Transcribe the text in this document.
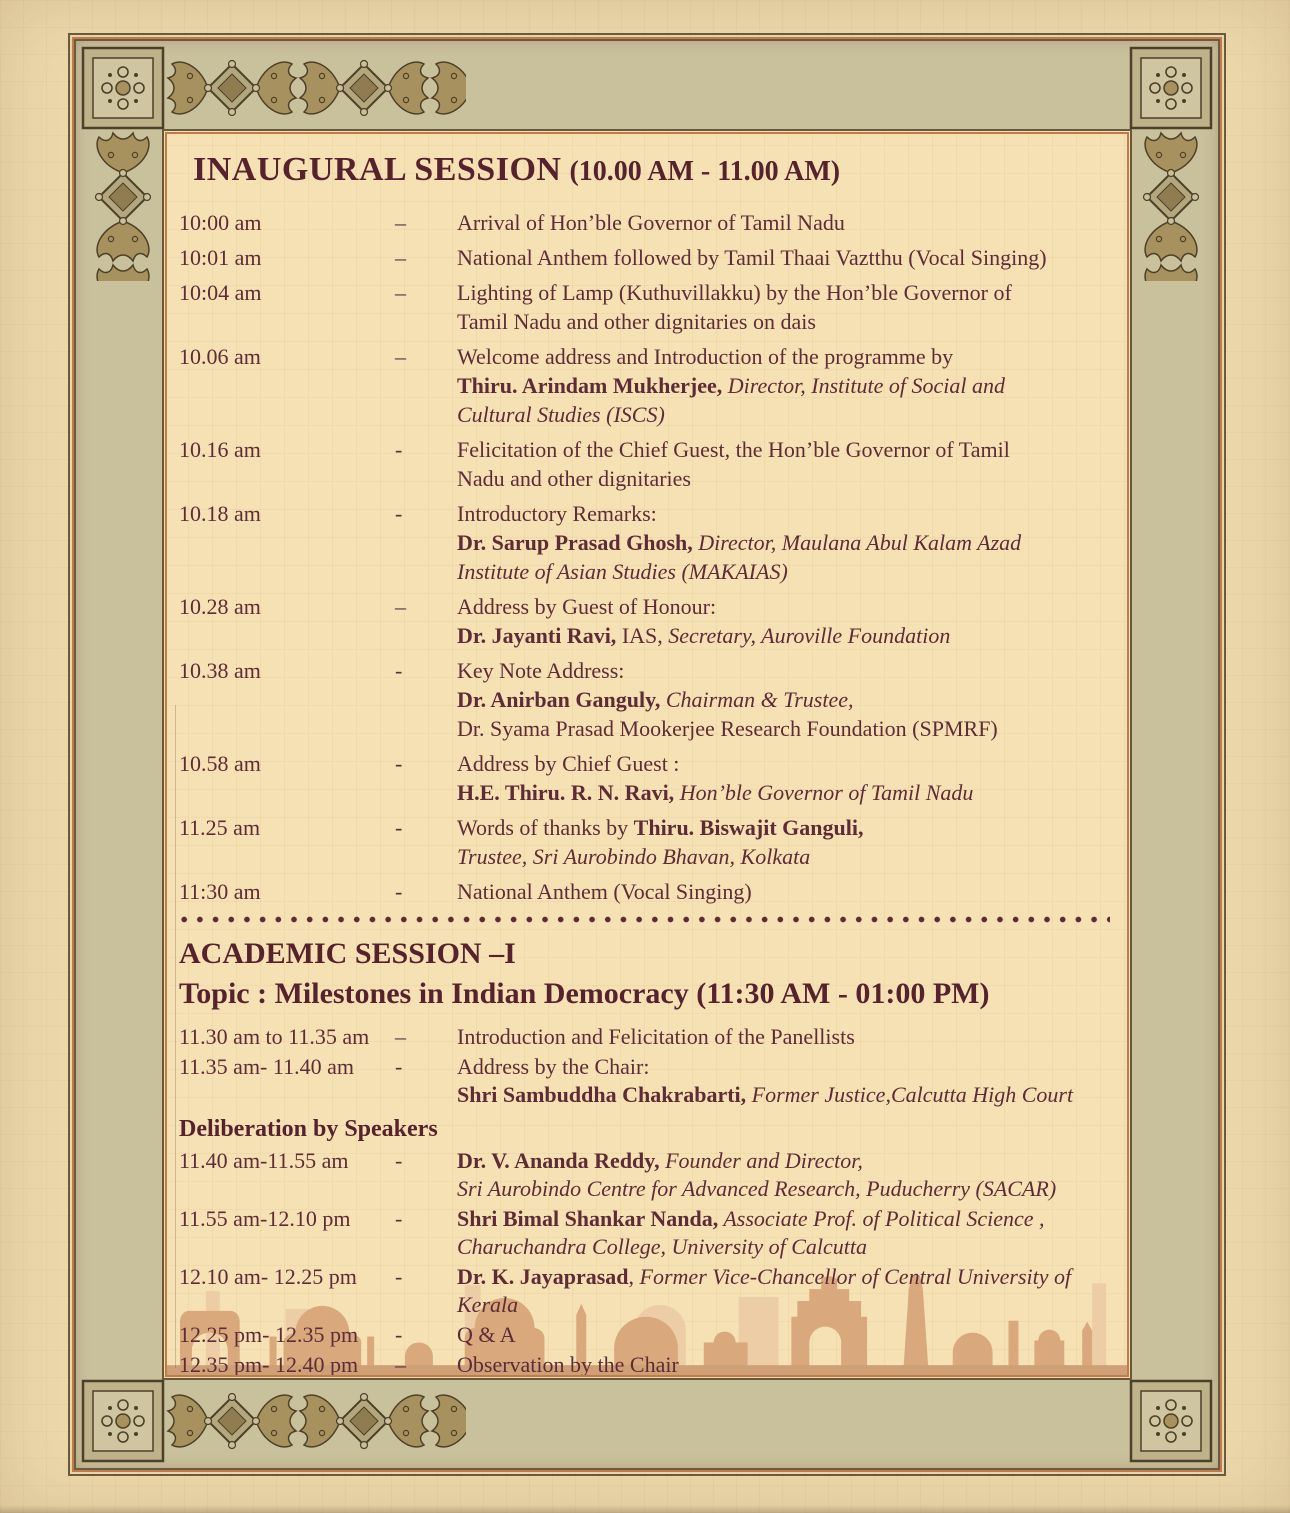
INAUGURAL SESSION (10.00 AM - 11.00 AM)
10:00 am	–	Arrival of Hon’ble Governor of Tamil Nadu
10:01 am	–	National Anthem followed by Tamil Thaai Vaztthu (Vocal Singing)
10:04 am	–	Lighting of Lamp (Kuthuvillakku) by the Hon’ble Governor of
Tamil Nadu and other dignitaries on dais
10.06 am	–	Welcome address and Introduction of the programme by
Thiru. Arindam Mukherjee, Director, Institute of Social and
Cultural Studies (ISCS)
10.16 am	-	Felicitation of the Chief Guest, the Hon’ble Governor of Tamil
Nadu and other dignitaries
10.18 am	-	Introductory Remarks:
Dr. Sarup Prasad Ghosh, Director, Maulana Abul Kalam Azad
Institute of Asian Studies (MAKAIAS)
10.28 am	–	Address by Guest of Honour:
Dr. Jayanti Ravi, IAS, Secretary, Auroville Foundation
10.38 am	-	Key Note Address:
Dr. Anirban Ganguly, Chairman & Trustee,
Dr. Syama Prasad Mookerjee Research Foundation (SPMRF)
10.58 am	-	Address by Chief Guest :
H.E. Thiru. R. N. Ravi, Hon’ble Governor of Tamil Nadu
11.25 am	-	Words of thanks by Thiru. Biswajit Ganguli,
Trustee, Sri Aurobindo Bhavan, Kolkata
11:30 am	-	National Anthem (Vocal Singing)
ACADEMIC SESSION –I
Topic : Milestones in Indian Democracy (11:30 AM - 01:00 PM)
11.30 am to 11.35 am	–	Introduction and Felicitation of the Panellists
11.35 am- 11.40 am	-	Address by the Chair:
Shri Sambuddha Chakrabarti, Former Justice,Calcutta High Court
Deliberation by Speakers
11.40 am-11.55 am	-	Dr. V. Ananda Reddy, Founder and Director,
Sri Aurobindo Centre for Advanced Research, Puducherry (SACAR)
11.55 am-12.10 pm	-	Shri Bimal Shankar Nanda, Associate Prof. of Political Science ,
Charuchandra College, University of Calcutta
12.10 am- 12.25 pm	-	Dr. K. Jayaprasad, Former Vice-Chancellor of Central University of
Kerala
12.25 pm- 12.35 pm	-	Q & A
12.35 pm- 12.40 pm	–	Observation by the Chair
